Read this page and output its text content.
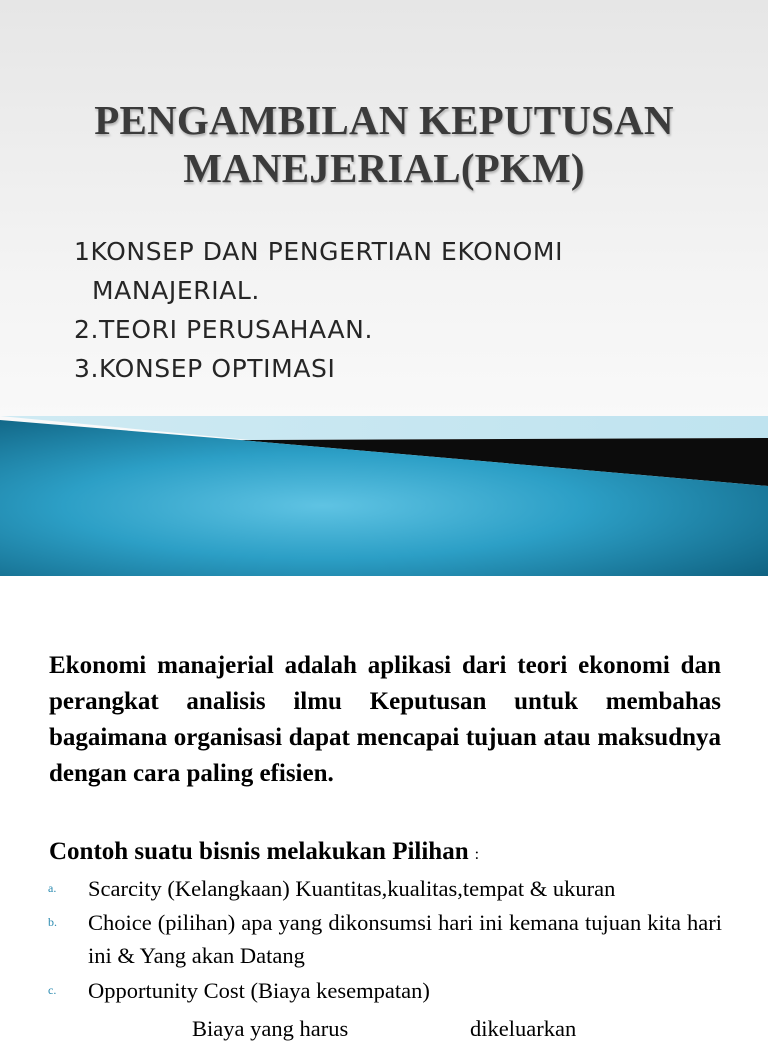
PENGAMBILAN KEPUTUSAN
MANEJERIAL(PKM)
1KONSEP DAN PENGERTIAN EKONOMI
MANAJERIAL.
2.TEORI PERUSAHAAN.
3.KONSEP OPTIMASI

Ekonomi manajerial adalah aplikasi dari teori ekonomi dan perangkat analisis ilmu Keputusan untuk membahas bagaimana organisasi dapat mencapai tujuan atau maksudnya dengan cara paling efisien.

Contoh suatu bisnis melakukan Pilihan :
a. Scarcity (Kelangkaan) Kuantitas,kualitas,tempat & ukuran
b. Choice (pilihan) apa yang dikonsumsi hari ini kemana tujuan kita hari ini & Yang akan Datang
c. Opportunity Cost (Biaya kesempatan)
Biaya yang harus	dikeluarkan
